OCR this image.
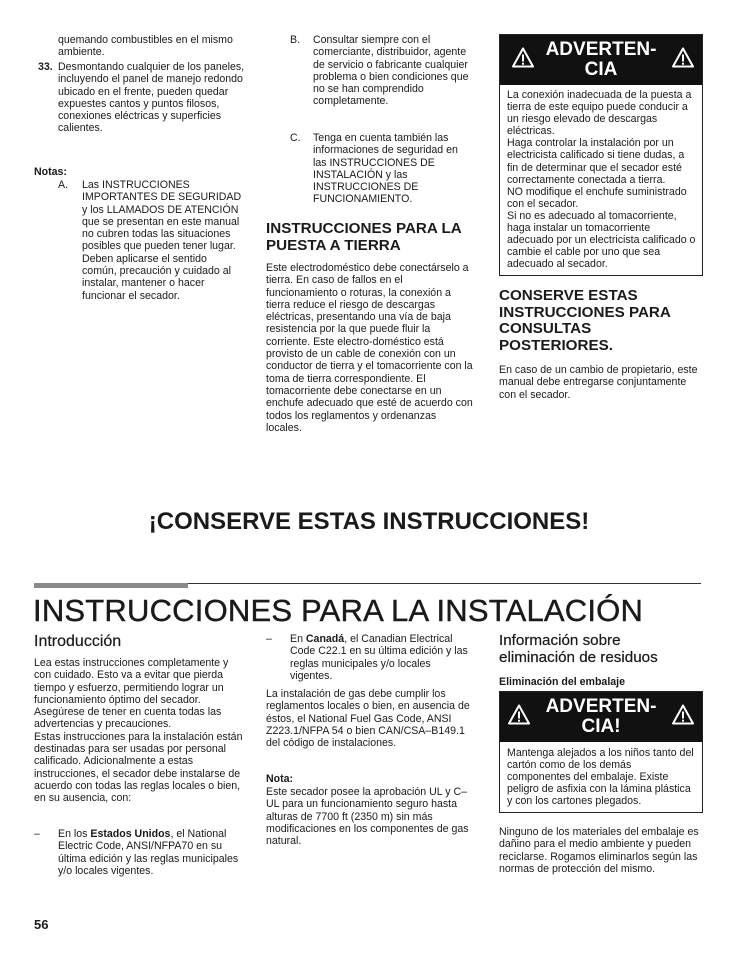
quemando combustibles en el mismo ambiente.
33. Desmontando cualquier de los paneles, incluyendo el panel de manejo redondo ubicado en el frente, pueden quedar expuestes cantos y puntos filosos, conexiones eléctricas y superficies calientes.
Notas:
A. Las INSTRUCCIONES IMPORTANTES DE SEGURIDAD y los LLAMADOS DE ATENCIÓN que se presentan en este manual no cubren todas las situaciones posibles que pueden tener lugar.
Deben aplicarse el sentido común, precaución y cuidado al instalar, mantener o hacer funcionar el secador.
B. Consultar siempre con el comerciante, distribuidor, agente de servicio o fabricante cualquier problema o bien condiciones que no se han comprendido completamente.
C. Tenga en cuenta también las informaciones de seguridad en las INSTRUCCIONES DE INSTALACIÓN y las INSTRUCCIONES DE FUNCIONAMIENTO.
INSTRUCCIONES PARA LA PUESTA A TIERRA
Este electrodoméstico debe conectárselo a tierra. En caso de fallos en el funcionamiento o roturas, la conexión a tierra reduce el riesgo de descargas eléctricas, presentando una vía de baja resistencia por la que puede fluir la corriente. Este electro-doméstico está provisto de un cable de conexión con un conductor de tierra y el tomacorriente con la toma de tierra correspondiente. El tomacorriente debe conectarse en un enchufe adecuado que esté de acuerdo con todos los reglamentos y ordenanzas locales.
ADVERTEN-
CIA
La conexión inadecuada de la puesta a tierra de este equipo puede conducir a un riesgo elevado de descargas eléctricas.
Haga controlar la instalación por un electricista calificado si tiene dudas, a fin de determinar que el secador esté correctamente conectada a tierra.
NO modifique el enchufe suministrado con el secador.
Si no es adecuado al tomacorriente, haga instalar un tomacorriente adecuado por un electricista calificado o cambie el cable por uno que sea adecuado al secador.
CONSERVE ESTAS INSTRUCCIONES PARA CONSULTAS POSTERIORES.
En caso de un cambio de propietario, este manual debe entregarse conjuntamente con el secador.
¡CONSERVE ESTAS INSTRUCCIONES!
INSTRUCCIONES PARA LA INSTALACIÓN
Introducción
Lea estas instrucciones completamente y con cuidado. Esto va a evitar que pierda tiempo y esfuerzo, permitiendo lograr un funcionamiento óptimo del secador. Asegúrese de tener en cuenta todas las advertencias y precauciones.
Estas instrucciones para la instalación están destinadas para ser usadas por personal calificado. Adicionalmente a estas instrucciones, el secador debe instalarse de acuerdo con todas las reglas locales o bien, en su ausencia, con:
– En los Estados Unidos, el National Electric Code, ANSI/NFPA70 en su última edición y las reglas municipales y/o locales vigentes.
– En Canadá, el Canadian Electrical Code C22.1 en su última edición y las reglas municipales y/o locales vigentes.
La instalación de gas debe cumplir los reglamentos locales o bien, en ausencia de éstos, el National Fuel Gas Code, ANSI Z223.1/NFPA 54 o bien CAN/CSA–B149.1 del código de instalaciones.
Nota:
Este secador posee la aprobación UL y C–UL para un funcionamiento seguro hasta alturas de 7700 ft (2350 m) sin más modificaciones en los componentes de gas natural.
Información sobre eliminación de residuos
Eliminación del embalaje
ADVERTEN-
CIA!
Mantenga alejados a los niños tanto del cartón como de los demás componentes del embalaje. Existe peligro de asfixia con la lámina plástica y con los cartones plegados.
Ninguno de los materiales del embalaje es dañino para el medio ambiente y pueden reciclarse. Rogamos eliminarlos según las normas de protección del mismo.
56
